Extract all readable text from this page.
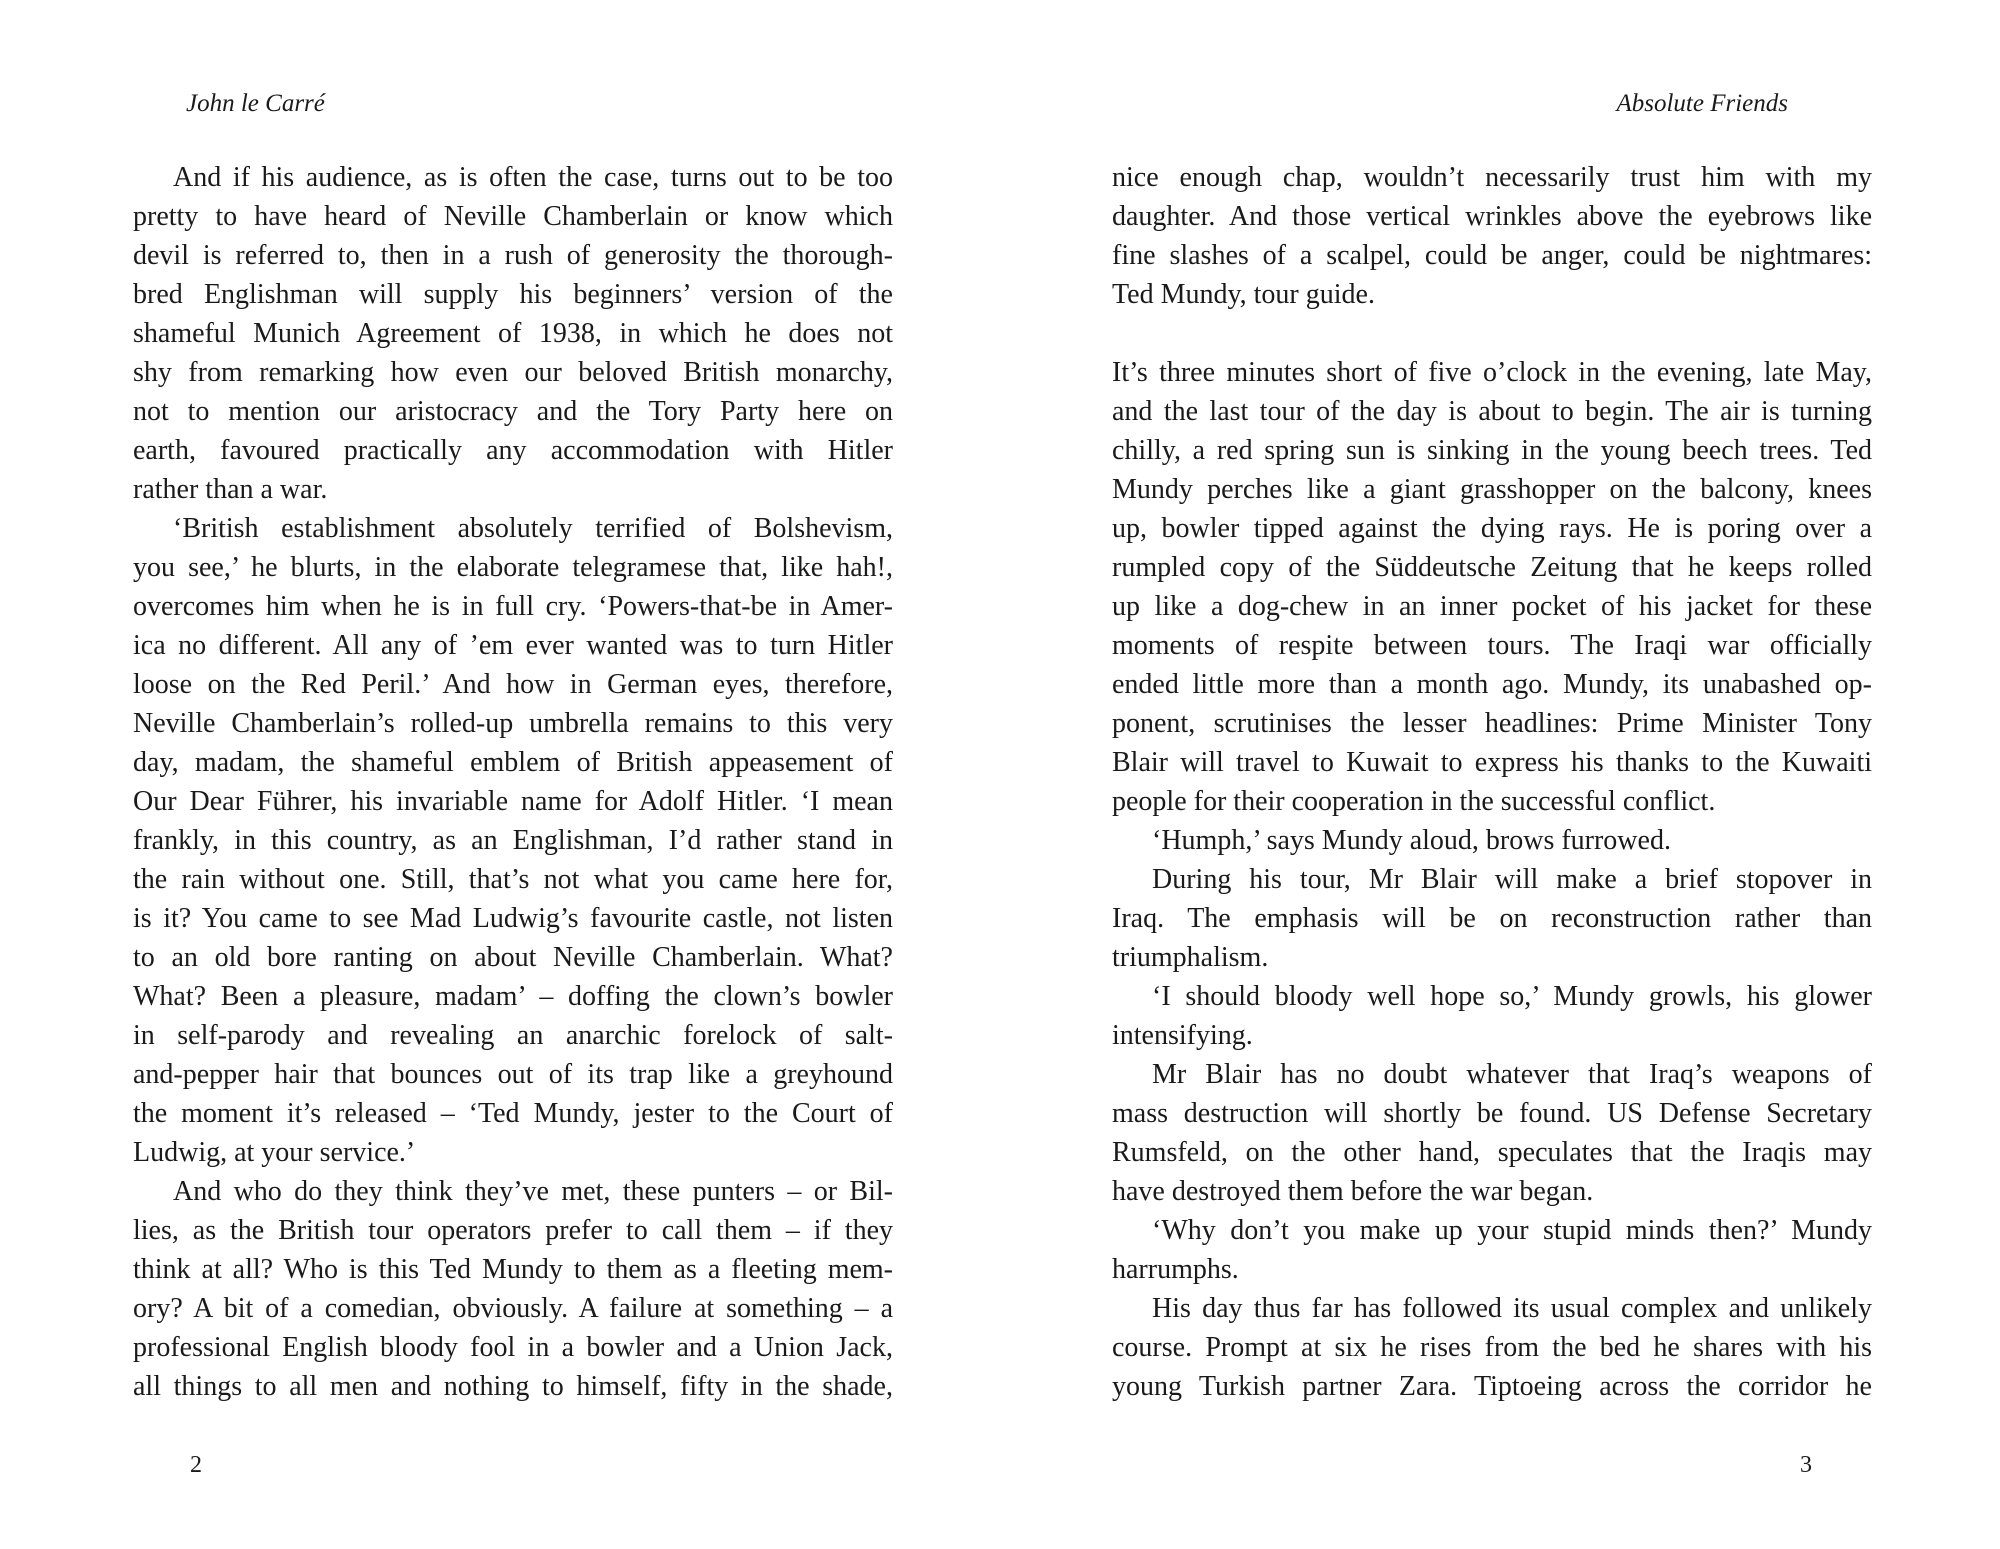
John le Carré
And if his audience, as is often the case, turns out to be too
pretty to have heard of Neville Chamberlain or know which
devil is referred to, then in a rush of generosity the thorough-
bred Englishman will supply his beginners’ version of the
shameful Munich Agreement of 1938, in which he does not
shy from remarking how even our beloved British monarchy,
not to mention our aristocracy and the Tory Party here on
earth, favoured practically any accommodation with Hitler
rather than a war.
‘British establishment absolutely terrified of Bolshevism,
you see,’ he blurts, in the elaborate telegramese that, like hah!,
overcomes him when he is in full cry. ‘Powers-that-be in Amer-
ica no different. All any of ’em ever wanted was to turn Hitler
loose on the Red Peril.’ And how in German eyes, therefore,
Neville Chamberlain’s rolled-up umbrella remains to this very
day, madam, the shameful emblem of British appeasement of
Our Dear Führer, his invariable name for Adolf Hitler. ‘I mean
frankly, in this country, as an Englishman, I’d rather stand in
the rain without one. Still, that’s not what you came here for,
is it? You came to see Mad Ludwig’s favourite castle, not listen
to an old bore ranting on about Neville Chamberlain. What?
What? Been a pleasure, madam’ – doffing the clown’s bowler
in self-parody and revealing an anarchic forelock of salt-
and-pepper hair that bounces out of its trap like a greyhound
the moment it’s released – ‘Ted Mundy, jester to the Court of
Ludwig, at your service.’
And who do they think they’ve met, these punters – or Bil-
lies, as the British tour operators prefer to call them – if they
think at all? Who is this Ted Mundy to them as a fleeting mem-
ory? A bit of a comedian, obviously. A failure at something – a
professional English bloody fool in a bowler and a Union Jack,
all things to all men and nothing to himself, fifty in the shade,
2
Absolute Friends
nice enough chap, wouldn’t necessarily trust him with my
daughter. And those vertical wrinkles above the eyebrows like
fine slashes of a scalpel, could be anger, could be nightmares:
Ted Mundy, tour guide.
It’s three minutes short of five o’clock in the evening, late May,
and the last tour of the day is about to begin. The air is turning
chilly, a red spring sun is sinking in the young beech trees. Ted
Mundy perches like a giant grasshopper on the balcony, knees
up, bowler tipped against the dying rays. He is poring over a
rumpled copy of the Süddeutsche Zeitung that he keeps rolled
up like a dog-chew in an inner pocket of his jacket for these
moments of respite between tours. The Iraqi war officially
ended little more than a month ago. Mundy, its unabashed op-
ponent, scrutinises the lesser headlines: Prime Minister Tony
Blair will travel to Kuwait to express his thanks to the Kuwaiti
people for their cooperation in the successful conflict.
‘Humph,’ says Mundy aloud, brows furrowed.
During his tour, Mr Blair will make a brief stopover in
Iraq. The emphasis will be on reconstruction rather than
triumphalism.
‘I should bloody well hope so,’ Mundy growls, his glower
intensifying.
Mr Blair has no doubt whatever that Iraq’s weapons of
mass destruction will shortly be found. US Defense Secretary
Rumsfeld, on the other hand, speculates that the Iraqis may
have destroyed them before the war began.
‘Why don’t you make up your stupid minds then?’ Mundy
harrumphs.
His day thus far has followed its usual complex and unlikely
course. Prompt at six he rises from the bed he shares with his
young Turkish partner Zara. Tiptoeing across the corridor he
3
